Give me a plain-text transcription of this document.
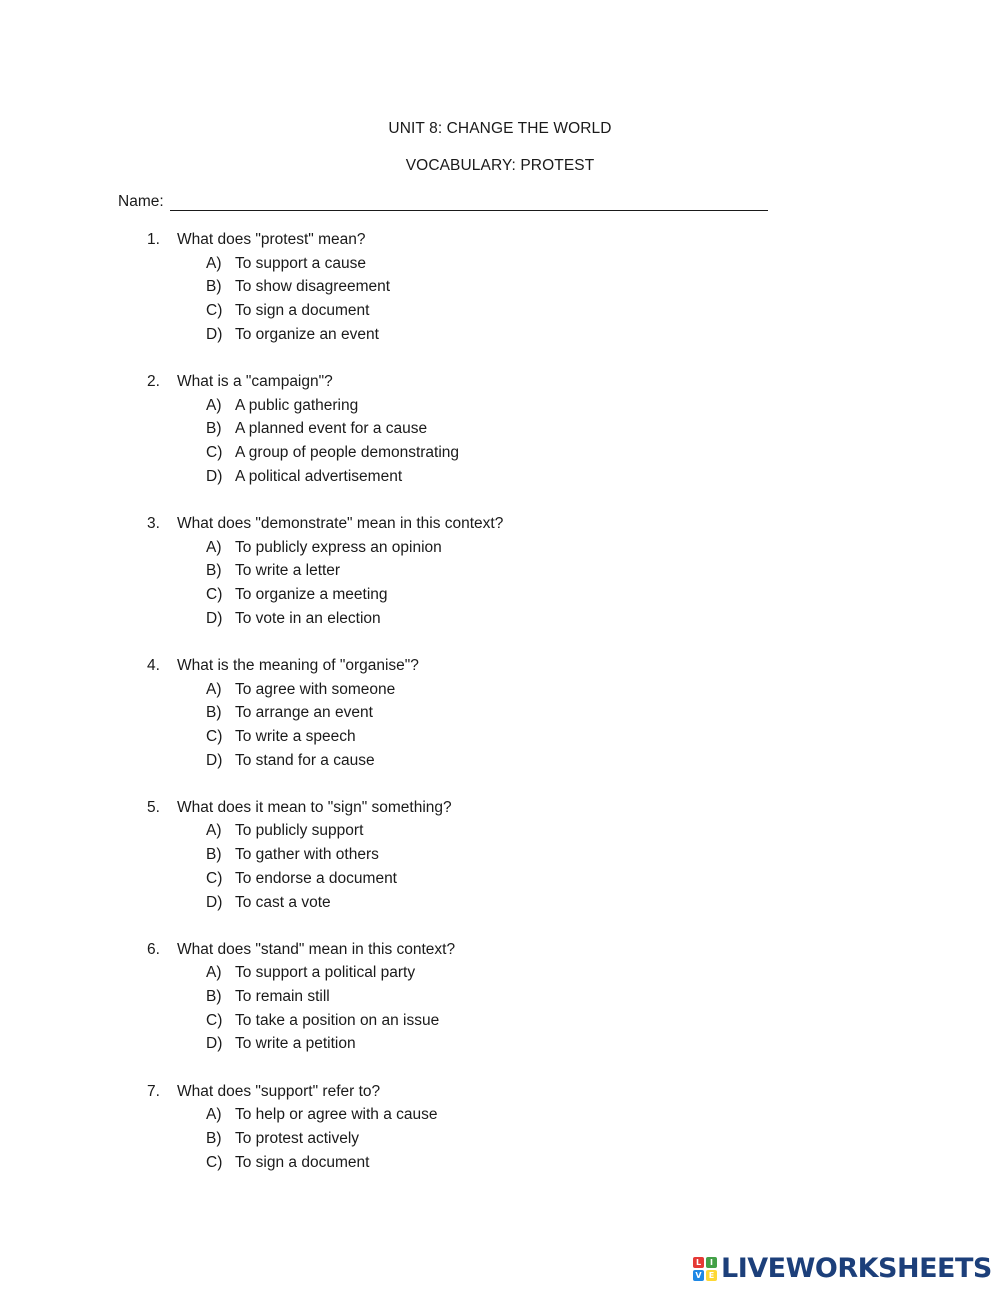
UNIT 8: CHANGE THE WORLD
VOCABULARY: PROTEST
Name:
1. What does "protest" mean?
A) To support a cause
B) To show disagreement
C) To sign a document
D) To organize an event
2. What is a "campaign"?
A) A public gathering
B) A planned event for a cause
C) A group of people demonstrating
D) A political advertisement
3. What does "demonstrate" mean in this context?
A) To publicly express an opinion
B) To write a letter
C) To organize a meeting
D) To vote in an election
4. What is the meaning of "organise"?
A) To agree with someone
B) To arrange an event
C) To write a speech
D) To stand for a cause
5. What does it mean to "sign" something?
A) To publicly support
B) To gather with others
C) To endorse a document
D) To cast a vote
6. What does "stand" mean in this context?
A) To support a political party
B) To remain still
C) To take a position on an issue
D) To write a petition
7. What does "support" refer to?
A) To help or agree with a cause
B) To protest actively
C) To sign a document
L	I
V E LIVEWORKSHEETS
